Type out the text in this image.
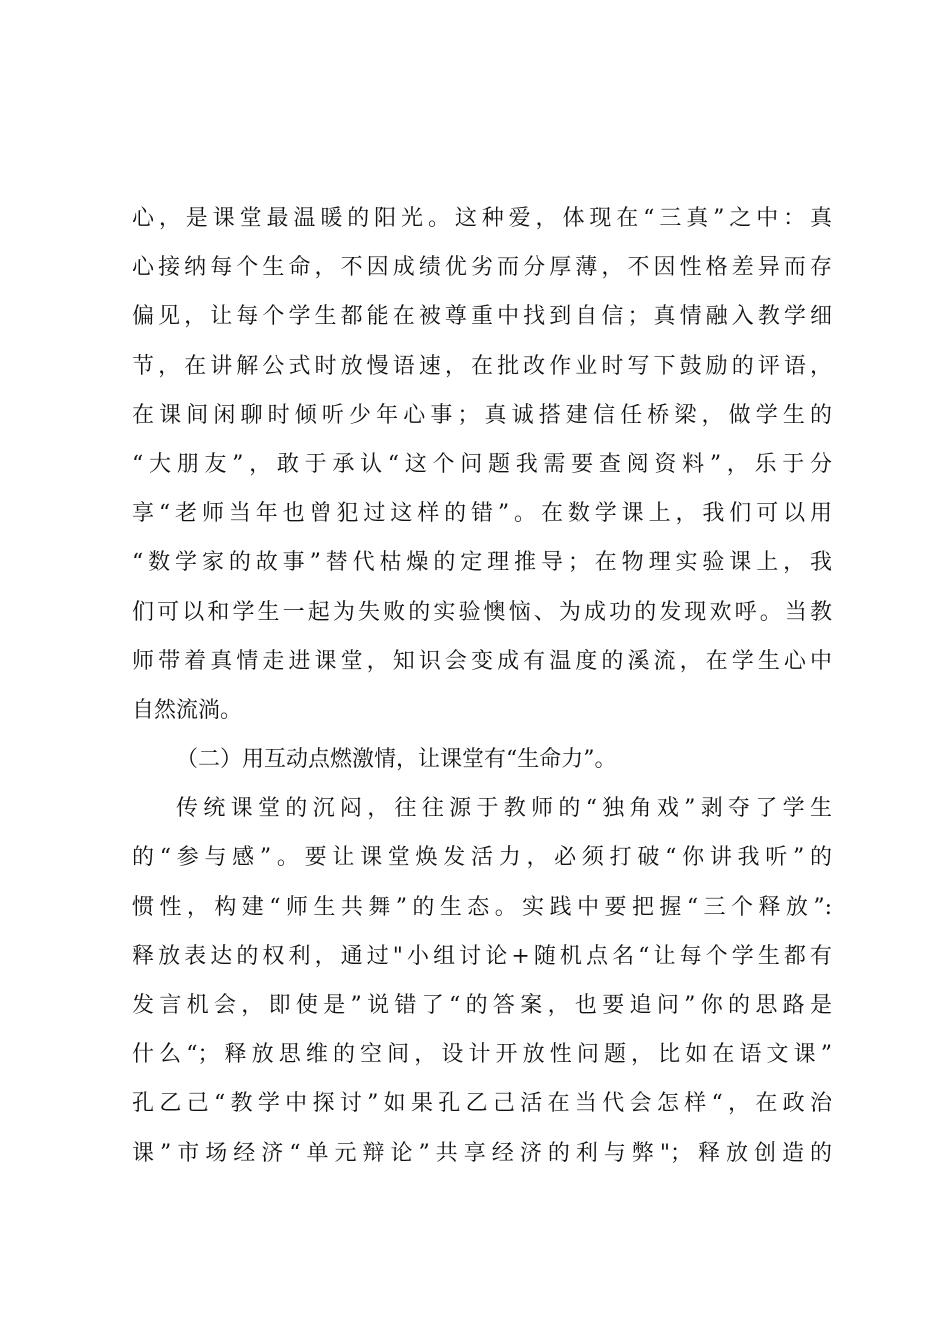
心，是课堂最温暖的阳光。这种爱，体现在“三真”之中：真
心接纳每个生命，不因成绩优劣而分厚薄，不因性格差异而存
偏见，让每个学生都能在被尊重中找到自信；真情融入教学细
节，在讲解公式时放慢语速，在批改作业时写下鼓励的评语，
在课间闲聊时倾听少年心事；真诚搭建信任桥梁，做学生的
“大朋友”，敢于承认“这个问题我需要查阅资料”，乐于分
享“老师当年也曾犯过这样的错”。在数学课上，我们可以用
“数学家的故事”替代枯燥的定理推导；在物理实验课上，我
们可以和学生一起为失败的实验懊恼、为成功的发现欢呼。当教
师带着真情走进课堂，知识会变成有温度的溪流，在学生心中
自然流淌。
（二）用互动点燃激情，让课堂有“生命力”。
传统课堂的沉闷，往往源于教师的“独角戏”剥夺了学生
的“参与感”。要让课堂焕发活力，必须打破“你讲我听”的
惯性，构建“师生共舞”的生态。实践中要把握“三个释放”:
释放表达的权利，通过"小组讨论+随机点名“让每个学生都有
发言机会，即使是”说错了“的答案，也要追问”你的思路是
什么“；释放思维的空间，设计开放性问题，比如在语文课”
孔乙己“教学中探讨”如果孔乙己活在当代会怎样“，在政治
课”市场经济“单元辩论”共享经济的利与弊"；释放创造的
